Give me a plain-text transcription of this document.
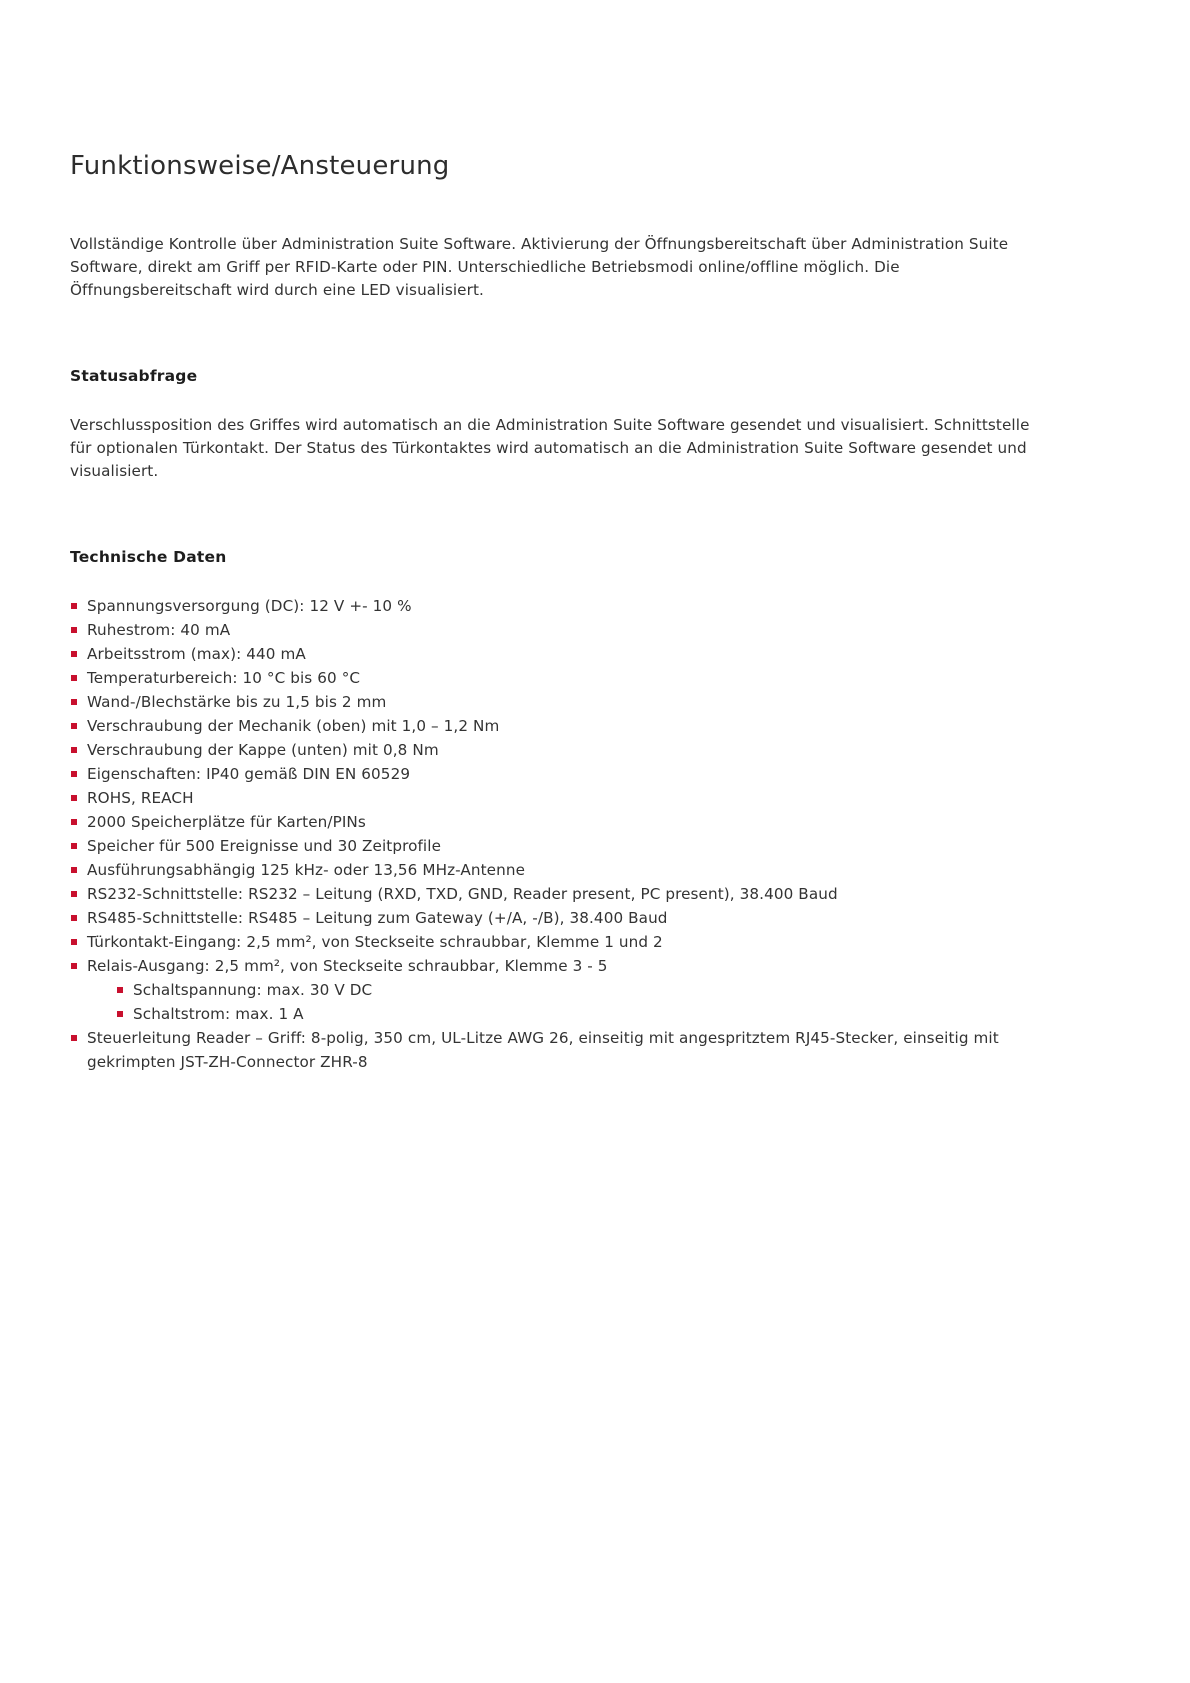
Funktionsweise/Ansteuerung

Vollständige Kontrolle über Administration Suite Software. Aktivierung der Öffnungsbereitschaft über Administration Suite Software, direkt am Griff per RFID-Karte oder PIN. Unterschiedliche Betriebsmodi online/offline möglich. Die Öffnungsbereitschaft wird durch eine LED visualisiert.

Statusabfrage

Verschlussposition des Griffes wird automatisch an die Administration Suite Software gesendet und visualisiert. Schnittstelle für optionalen Türkontakt. Der Status des Türkontaktes wird automatisch an die Administration Suite Software gesendet und visualisiert.

Technische Daten
Spannungsversorgung (DC): 12 V +- 10 %
Ruhestrom: 40 mA
Arbeitsstrom (max): 440 mA
Temperaturbereich: 10 °C bis 60 °C
Wand-/Blechstärke bis zu 1,5 bis 2 mm
Verschraubung der Mechanik (oben) mit 1,0 – 1,2 Nm
Verschraubung der Kappe (unten) mit 0,8 Nm
Eigenschaften: IP40 gemäß DIN EN 60529
ROHS, REACH
2000 Speicherplätze für Karten/PINs
Speicher für 500 Ereignisse und 30 Zeitprofile
Ausführungsabhängig 125 kHz- oder 13,56 MHz-Antenne
RS232-Schnittstelle: RS232 – Leitung (RXD, TXD, GND, Reader present, PC present), 38.400 Baud
RS485-Schnittstelle: RS485 – Leitung zum Gateway (+/A, -/B), 38.400 Baud
Türkontakt-Eingang: 2,5 mm², von Steckseite schraubbar, Klemme 1 und 2
Relais-Ausgang: 2,5 mm², von Steckseite schraubbar, Klemme 3 - 5
Schaltspannung: max. 30 V DC
Schaltstrom: max. 1 A
Steuerleitung Reader – Griff: 8-polig, 350 cm, UL-Litze AWG 26, einseitig mit angespritztem RJ45-Stecker, einseitig mit gekrimpten JST-ZH-Connector ZHR-8
